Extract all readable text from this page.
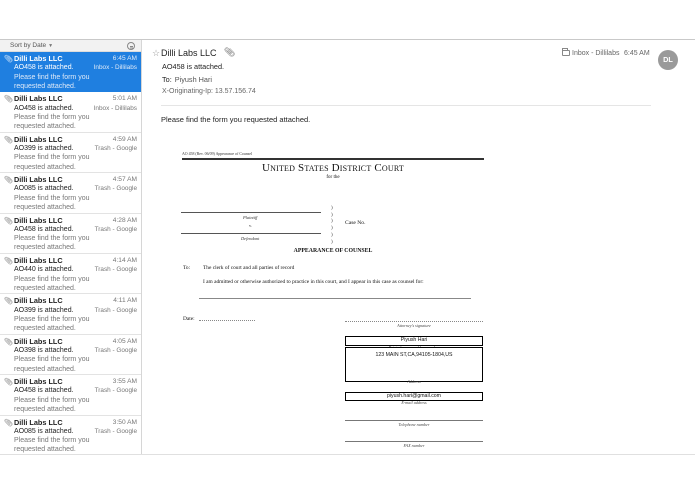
Sort by Date ▼
📎︎ Dilli Labs LLC	6:45 AM
AO458 is attached.	Inbox - Dillilabs
Please find the form you
requested attached.
📎︎ Dilli Labs LLC	5:01 AM
AO458 is attached.	Inbox - Dillilabs
Please find the form you
requested attached.
📎︎ Dilli Labs LLC	4:59 AM
AO399 is attached.	Trash - Google
Please find the form you
requested attached.
📎︎ Dilli Labs LLC	4:57 AM
AO085 is attached.	Trash - Google
Please find the form you
requested attached.
📎︎ Dilli Labs LLC	4:28 AM
AO458 is attached.	Trash - Google
Please find the form you
requested attached.
📎︎ Dilli Labs LLC	4:14 AM
AO440 is attached.	Trash - Google
Please find the form you
requested attached.
📎︎ Dilli Labs LLC	4:11 AM
AO399 is attached.	Trash - Google
Please find the form you
requested attached.
📎︎ Dilli Labs LLC	4:05 AM
AO398 is attached.	Trash - Google
Please find the form you
requested attached.
📎︎ Dilli Labs LLC	3:55 AM
AO458 is attached.	Trash - Google
Please find the form you
requested attached.
📎︎ Dilli Labs LLC	3:50 AM
AO085 is attached.	Trash - Google
Please find the form you
requested attached.
☆ Dilli Labs LLC 📎︎
AO458 is attached.
To: Piyush Hari
X-Originating-Ip: 13.57.156.74
Inbox - Dillilabs 6:45 AM
DL
Please find the form you requested attached.
AO 458 (Rev. 06/09) Appearance of Counsel
United States District Court
for the
Plaintiff
v.
Defendant
)
)
)
)
)
)
Case No.
APPEARANCE OF COUNSEL
To: The clerk of court and all parties of record
I am admitted or otherwise authorized to practice in this court, and I appear in this case as counsel for:
Date:
Attorney's signature
Piyush Hari
123 MAIN ST,CA,94105-1804,US
Address
piyush.hari@gmail.com
E-mail address
Telephone number
FAX number
